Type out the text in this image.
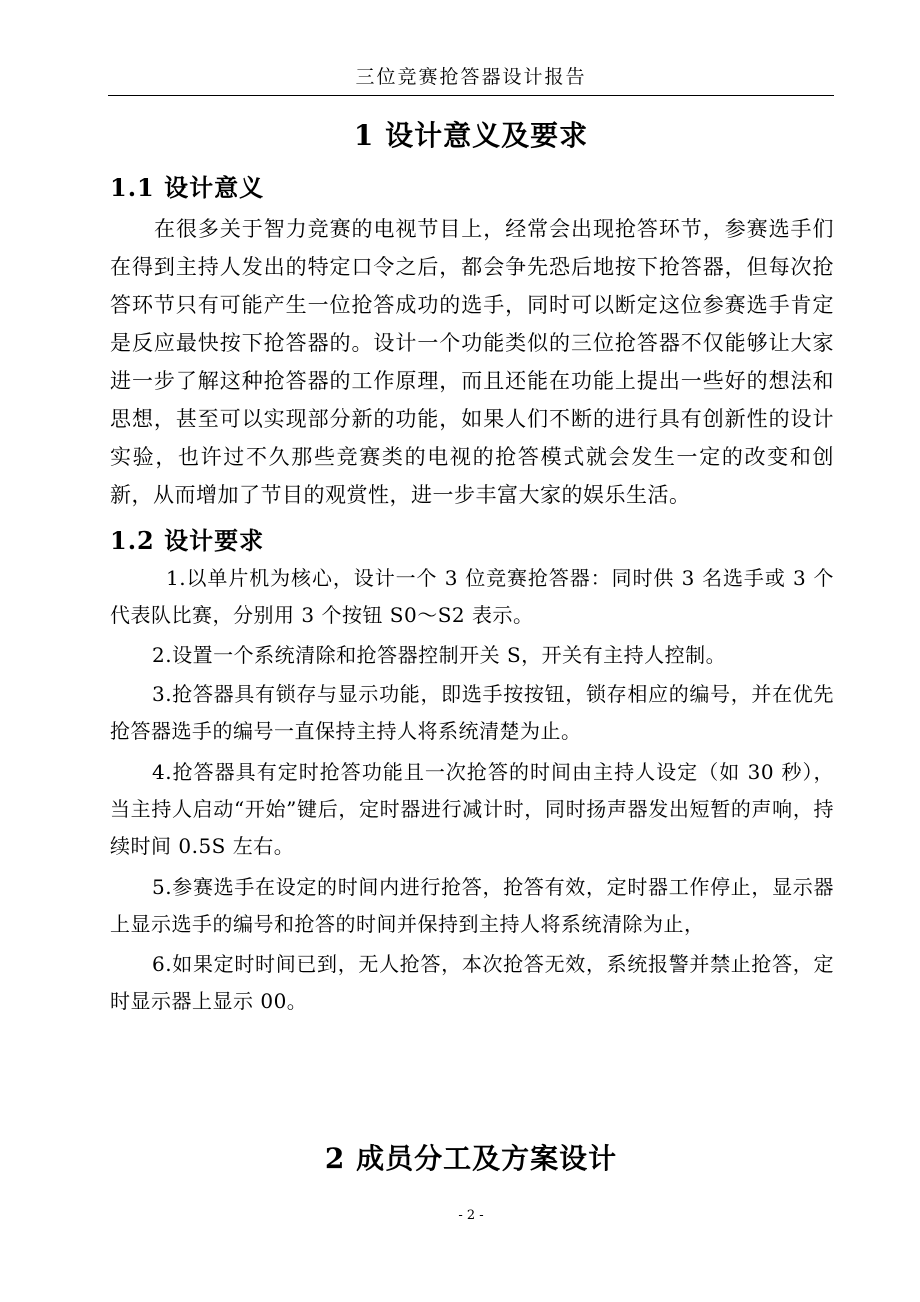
三位竞赛抢答器设计报告
1 设计意义及要求
1.1 设计意义

在很多关于智力竞赛的电视节目上，经常会出现抢答环节，参赛选手们在得到主持人发出的特定口令之后，都会争先恐后地按下抢答器，但每次抢答环节只有可能产生一位抢答成功的选手，同时可以断定这位参赛选手肯定是反应最快按下抢答器的。设计一个功能类似的三位抢答器不仅能够让大家进一步了解这种抢答器的工作原理，而且还能在功能上提出一些好的想法和思想，甚至可以实现部分新的功能，如果人们不断的进行具有创新性的设计实验，也许过不久那些竞赛类的电视的抢答模式就会发生一定的改变和创新，从而增加了节目的观赏性，进一步丰富大家的娱乐生活。

1.2 设计要求

1.以单片机为核心，设计一个 3 位竞赛抢答器：同时供 3 名选手或 3 个代表队比赛，分别用 3 个按钮 S0～S2 表示。

2.设置一个系统清除和抢答器控制开关 S，开关有主持人控制。

3.抢答器具有锁存与显示功能，即选手按按钮，锁存相应的编号，并在优先抢答器选手的编号一直保持主持人将系统清楚为止。

4.抢答器具有定时抢答功能且一次抢答的时间由主持人设定（如 30 秒），当主持人启动“开始”键后，定时器进行减计时，同时扬声器发出短暂的声响，持续时间 0.5S 左右。

5.参赛选手在设定的时间内进行抢答，抢答有效，定时器工作停止，显示器上显示选手的编号和抢答的时间并保持到主持人将系统清除为止，

6.如果定时时间已到，无人抢答，本次抢答无效，系统报警并禁止抢答，定时显示器上显示 00。

2 成员分工及方案设计
- 2 -
